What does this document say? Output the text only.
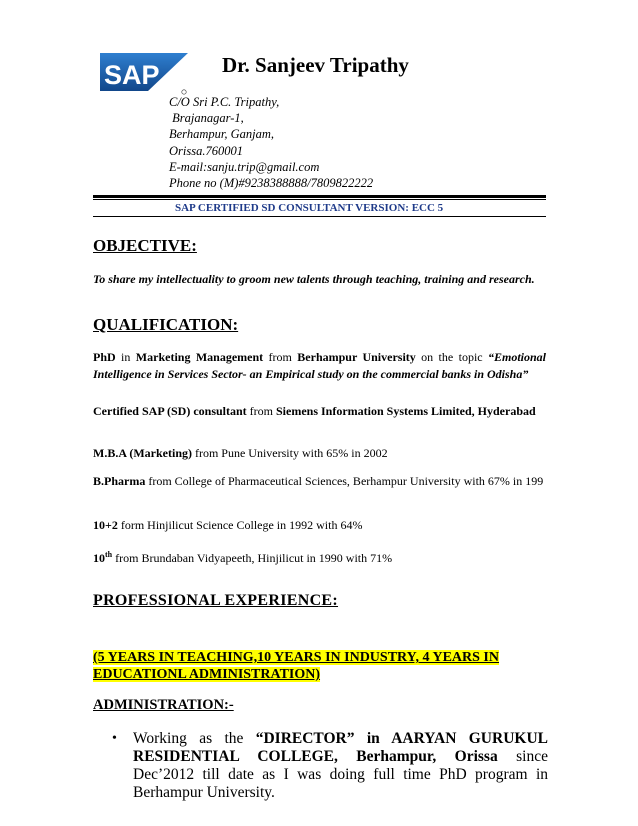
SAP	Dr. Sanjeev Tripathy
C/O Sri P.C. Tripathy,
Brajanagar-1,
Berhampur, Ganjam,
Orissa.760001
E-mail:sanju.trip@gmail.com
Phone no (M)#9238388888/7809822222
SAP CERTIFIED SD CONSULTANT VERSION: ECC 5
OBJECTIVE:
To share my intellectuality to groom new talents through teaching, training and research.
QUALIFICATION:
PhD in Marketing Management from Berhampur University on the topic “Emotional Intelligence in Services Sector- an Empirical study on the commercial banks in Odisha”
Certified SAP (SD) consultant from Siemens Information Systems Limited, Hyderabad
M.B.A (Marketing) from Pune University with 65% in 2002
B.Pharma from College of Pharmaceutical Sciences, Berhampur University with 67% in 199
10+2 form Hinjilicut Science College in 1992 with 64%
10th from Brundaban Vidyapeeth, Hinjilicut in 1990 with 71%
PROFESSIONAL EXPERIENCE:
(5 YEARS IN TEACHING,10 YEARS IN INDUSTRY, 4 YEARS IN EDUCATIONL ADMINISTRATION)
ADMINISTRATION:-
• Working as the “DIRECTOR” in AARYAN GURUKUL RESIDENTIAL COLLEGE, Berhampur, Orissa since Dec’2012 till date as I was doing full time PhD program in Berhampur University.
